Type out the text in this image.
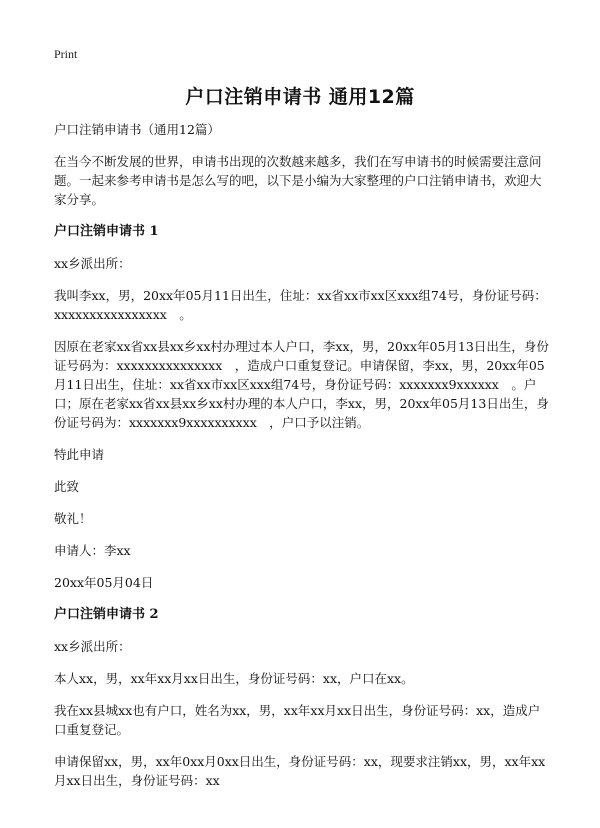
Print
户口注销申请书 通用12篇

户口注销申请书（通用12篇）

在当今不断发展的世界，申请书出现的次数越来越多，我们在写申请书的时候需要注意问题。一起来参考申请书是怎么写的吧，以下是小编为大家整理的户口注销申请书，欢迎大家分享。

户口注销申请书 1

xx乡派出所：

我叫李xx，男，20xx年05月11日出生，住址：xx省xx市xx区xxx组74号，身份证号码：xxxxxxxxxxxxxxxx　。

因原在老家xx省xx县xx乡xx村办理过本人户口，李xx，男，20xx年05月13日出生，身份证号码为：xxxxxxxxxxxxxxx　，造成户口重复登记。申请保留，李xx，男，20xx年05月11日出生，住址：xx省xx市xx区xxx组74号，身份证号码：xxxxxxx9xxxxxx　。户口；原在老家xx省xx县xx乡xx村办理的本人户口，李xx，男，20xx年05月13日出生，身份证号码为：xxxxxxx9xxxxxxxxxx　，户口予以注销。

特此申请

此致

敬礼！

申请人：李xx

20xx年05月04日

户口注销申请书 2

xx乡派出所：

本人xx，男，xx年xx月xx日出生，身份证号码：xx，户口在xx。

我在xx县城xx也有户口，姓名为xx，男，xx年xx月xx日出生，身份证号码：xx，造成户口重复登记。

申请保留xx，男，xx年0xx月0xx日出生，身份证号码：xx，现要求注销xx，男，xx年xx月xx日出生，身份证号码：xx
